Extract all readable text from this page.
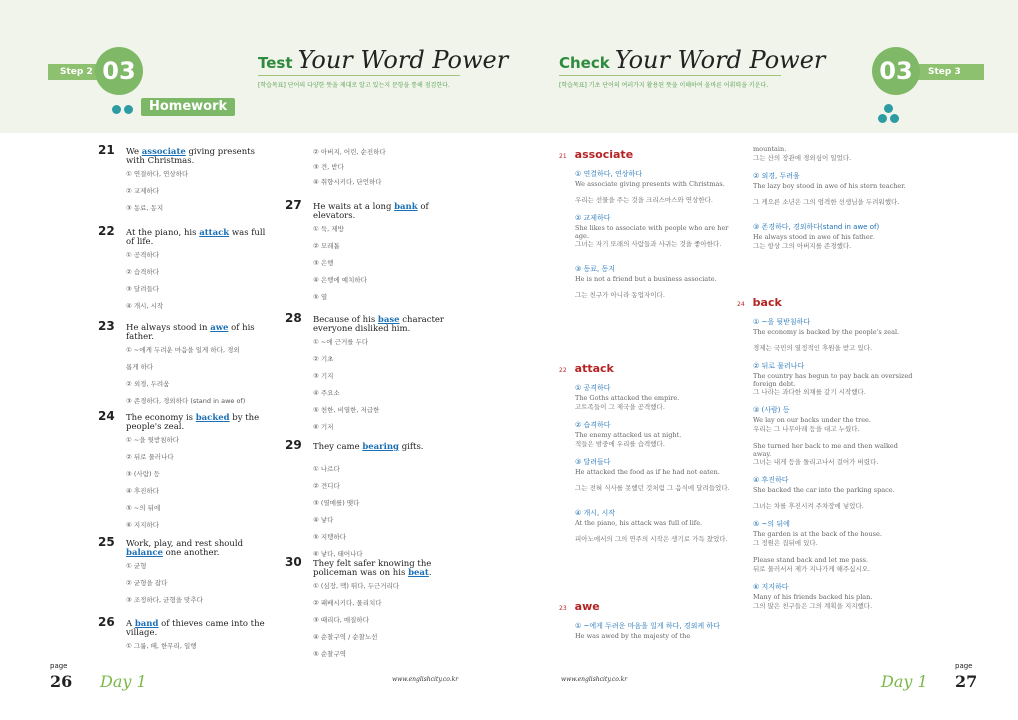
Step 2 03	Test Your Word Power
[학습목표] 단어의 다양한 뜻을 제대로 알고 있는지 문항을 통해 점검한다.
Homework
page
26 Day 1	www.englishcity.co.kr
21 We associate giving presents with Christmas.
① 연결하다, 연상하다
② 교제하다
③ 동료, 동지
22 At the piano, his attack was full of life.
① 공격하다
② 습격하다
③ 달려들다
④ 개시, 시작
23 He always stood in awe of his father.
① ~에게 두려운 마음을 일게 하다, 경외
롭게 하다
② 외경, 두려움
③ 존경하다, 경외하다 (stand in awe of)
24 The economy is backed by the people's zeal.
① ~을 뒷받침하다
② 뒤로 물러나다
③ (사람) 등
④ 후진하다
⑤ ~의 뒤에
⑥ 지지하다
25 Work, play, and rest should balance one another.
① 균형
② 균형을 잡다
③ 조정하다, 균형을 맞추다
26 A band of thieves came into the village.
① 그룹, 떼, 한무리, 일행
27 He waits at a long bank of elevators.
① 둑, 제방
② 모래톱
③ 은행
④ 은행에 예치하다
⑤ 열
28 Because of his base character everyone disliked him.
① ~에 근거를 두다
② 기초
③ 기지
④ 주요소
⑤ 천한, 비열한, 저급한
⑥ 기저
29 They came bearing gifts.
① 나르다
② 견디다
③ (열매를) 맺다
④ 낳다
⑤ 지탱하다
⑥ 낳다, 태어나다
30 They felt safer knowing the policeman was on his beat.
① (심장, 맥) 뛰다, 두근거리다
② 패배시키다, 물리치다
③ 때리다, 매질하다
④ 순찰구역 / 순찰노선
⑤ 순찰구역
② 아버지, 어린, 순진하다
③ 견, 받다
④ 취향시키다, 단언하다
Check Your Word Power
[학습목표] 기초 단어의 여러가지 활용된 뜻을 이해하여 올바른 어휘력을 키운다.
Step 3
03
www.englishcity.co.kr	Day 1
page
27
21 associate
① 연결하다, 연상하다
We associate giving presents with Christmas.
우리는 선물을 주는 것을 크리스마스와 연상한다.
② 교제하다
She likes to associate with people who are her age.
그녀는 자기 또래의 사람들과 사귀는 것을 좋아한다.
③ 동료, 동지
He is not a friend but a business associate.
그는 친구가 아니라 동업자이다.
22 attack
① 공격하다
The Goths attacked the empire.
고트족들이 그 제국을 공격했다.
② 습격하다
The enemy attacked us at night.
적들은 밤중에 우리를 습격했다.
③ 달려들다
He attacked the food as if he had not eaten.
그는 전혀 식사를 못했던 것처럼 그 음식에 달려들었다.
④ 개시, 시작
At the piano, his attack was full of life.
피아노에서의 그의 연주의 시작은 생기로 가득 찼었다.
23 awe
① ~에게 두려운 마음을 일게 하다, 경외케 하다
He was awed by the majesty of the
mountain.
그는 산의 장관에 경외심이 일었다.
② 외경, 두려움
The lazy boy stood in awe of his stern teacher.
그 게으른 소년은 그의 엄격한 선생님을 두려워했다.
③ 존경하다, 경외하다(stand in awe of)
He always stood in awe of his father.
그는 항상 그의 아버지를 존경했다.
24 back
① ~을 뒷받침하다
The economy is backed by the people's zeal.
경제는 국민의 열정적인 후원을 받고 있다.
② 뒤로 물러나다
The country has begun to pay back an oversized foreign debt.
그 나라는 과다한 외채를 갚기 시작했다.
③ (사람) 등
We lay on our backs under the tree.
우리는 그 나무아래 등을 대고 누웠다.
She turned her back to me and then walked away.
그녀는 내게 등을 돌리고나서 걸어가 버렸다.
④ 후진하다
She backed the car into the parking space.
그녀는 차를 후진시켜 주차장에 넣었다.
⑤ ~의 뒤에
The garden is at the back of the house.
그 정원은 집뒤에 있다.
Please stand back and let me pass.
뒤로 물러서서 제가 지나가게 해주십시오.
⑥ 지지하다
Many of his friends backed his plan.
그의 많은 친구들은 그의 계획을 지지했다.
